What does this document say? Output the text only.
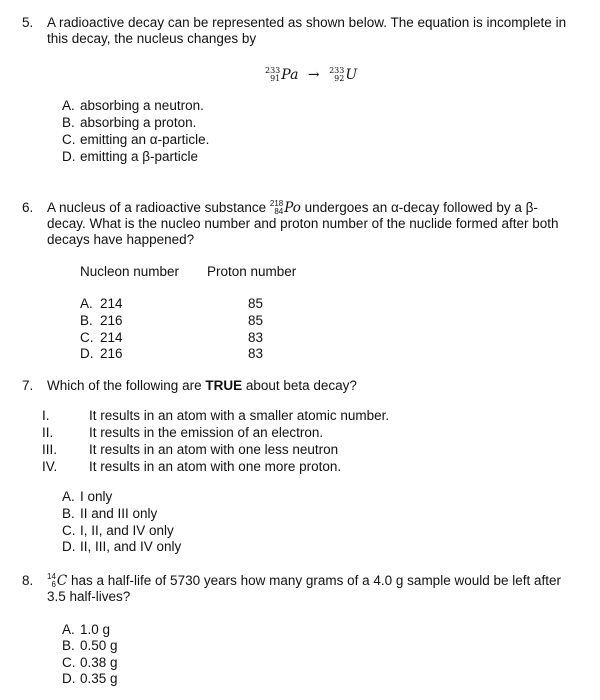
5. A radioactive decay can be represented as shown below. The equation is incomplete in this decay, the nucleus changes by
233
91 Pa → 233
92 U
A. absorbing a neutron.
B. absorbing a proton.
C. emitting an α-particle.
D. emitting a β-particle
6. A nucleus of a radioactive substance 218
84 Po undergoes an α-decay followed by a β-decay. What is the nucleo number and proton number of the nuclide formed after both decays have happened?
Nucleon number Proton number
A. 214	85
B. 216	85
C. 214	83
D. 216	83
7. Which of the following are TRUE about beta decay?
I.	It results in an atom with a smaller atomic number.
II.	It results in the emission of an electron.
III. It results in an atom with one less neutron
IV. It results in an atom with one more proton.
A. I only
B. II and III only
C. I, II, and IV only
D. II, III, and IV only
8. 14
6 C has a half-life of 5730 years how many grams of a 4.0 g sample would be left after 3.5 half-lives?
A. 1.0 g
B. 0.50 g
C. 0.38 g
D. 0.35 g
